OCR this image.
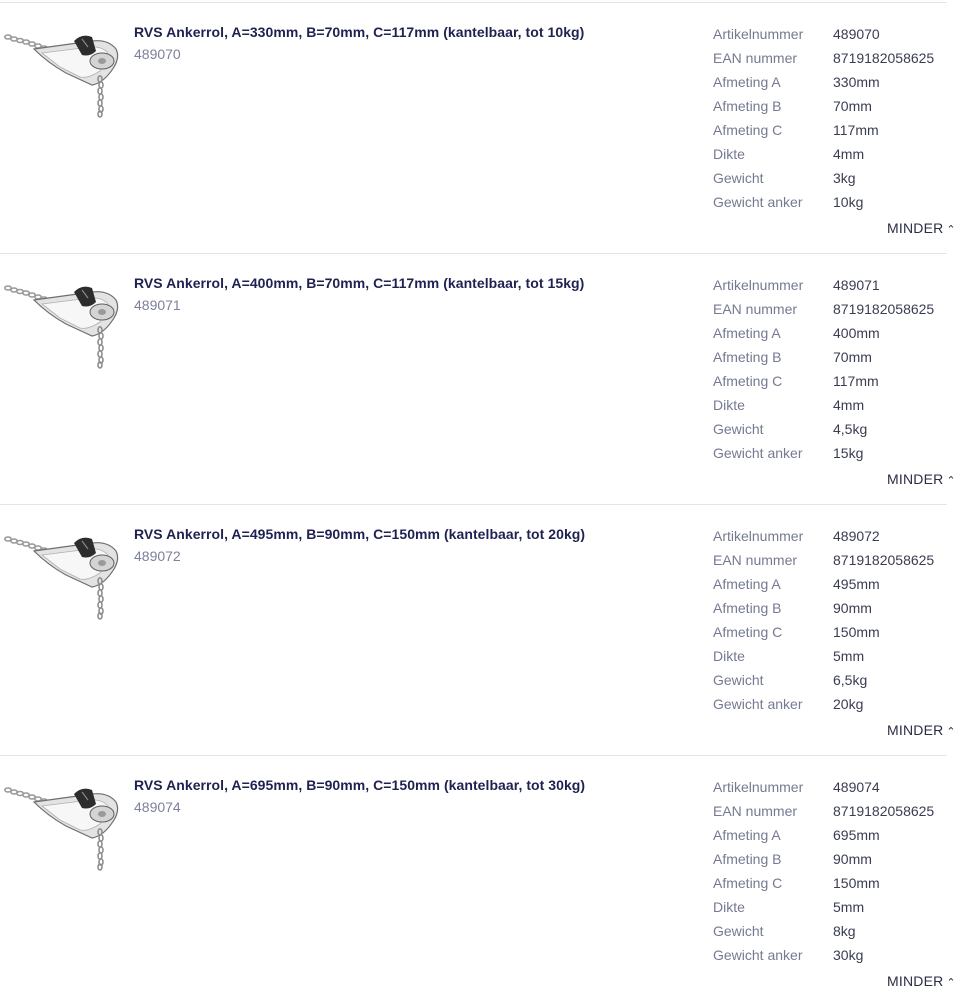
RVS Ankerrol, A=330mm, B=70mm, C=117mm (kantelbaar, tot 10kg)
489070
Artikelnummer 489070
EAN nummer	8719182058625
Afmeting A	330mm
Afmeting B	70mm
Afmeting C	117mm
Dikte	4mm
Gewicht	3kg
Gewicht anker 10kg
MINDER ⌃
RVS Ankerrol, A=400mm, B=70mm, C=117mm (kantelbaar, tot 15kg)
489071
Artikelnummer 489071
EAN nummer	8719182058625
Afmeting A	400mm
Afmeting B	70mm
Afmeting C	117mm
Dikte	4mm
Gewicht	4,5kg
Gewicht anker 15kg
MINDER ⌃
RVS Ankerrol, A=495mm, B=90mm, C=150mm (kantelbaar, tot 20kg)
489072
Artikelnummer 489072
EAN nummer	8719182058625
Afmeting A	495mm
Afmeting B	90mm
Afmeting C	150mm
Dikte	5mm
Gewicht	6,5kg
Gewicht anker 20kg
MINDER ⌃
RVS Ankerrol, A=695mm, B=90mm, C=150mm (kantelbaar, tot 30kg)
489074
Artikelnummer 489074
EAN nummer	8719182058625
Afmeting A	695mm
Afmeting B	90mm
Afmeting C	150mm
Dikte	5mm
Gewicht	8kg
Gewicht anker 30kg
MINDER ⌃
